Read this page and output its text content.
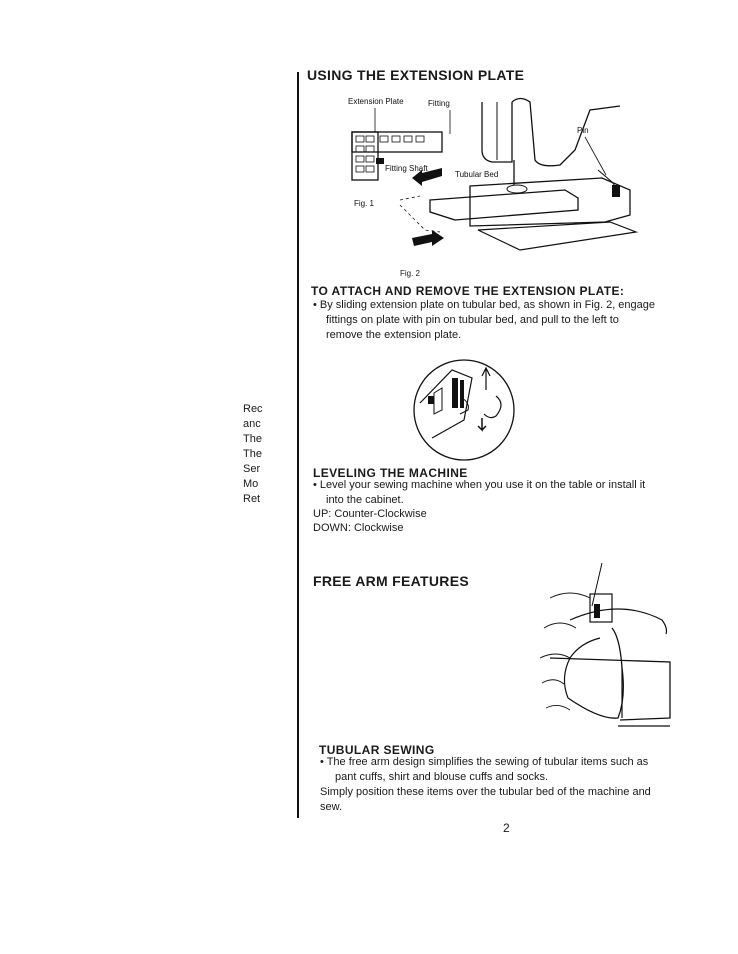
Rec
anc
The
The
Ser
Mo
Ret
USING THE EXTENSION PLATE
Extension Plate	Fitting
Fitting Shaft
Pin
Tubular Bed
Fig. 1
Fig. 2
TO ATTACH AND REMOVE THE EXTENSION PLATE:
• By sliding extension plate on tubular bed, as shown in Fig. 2, engage
fittings on plate with pin on tubular bed, and pull to the left to
remove the extension plate.
LEVELING THE MACHINE
• Level your sewing machine when you use it on the table or install it
into the cabinet.
UP: Counter-Clockwise
DOWN: Clockwise
FREE ARM FEATURES
TUBULAR SEWING
• The free arm design simplifies the sewing of tubular items such as
pant cuffs, shirt and blouse cuffs and socks.
Simply position these items over the tubular bed of the machine and
sew.
2
